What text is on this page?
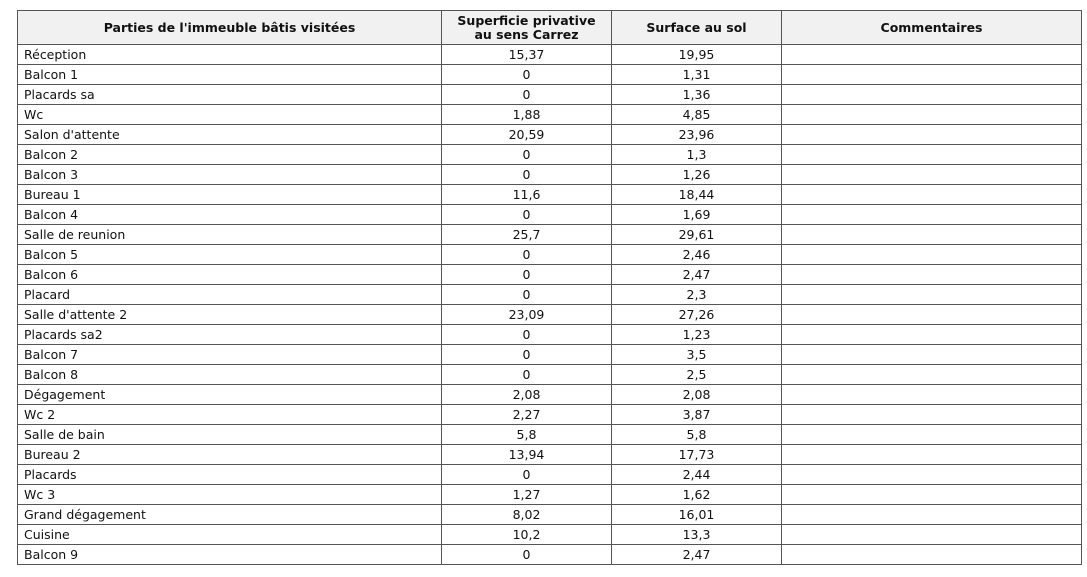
Parties de l'immeuble bâtis visitées	Superficie privative au sens Carrez	Surface au sol	Commentaires
Réception	15,37	19,95	
Balcon 1	0	1,31	
Placards sa	0	1,36	
Wc	1,88	4,85	
Salon d'attente	20,59	23,96	
Balcon 2	0	1,3	
Balcon 3	0	1,26	
Bureau 1	11,6	18,44	
Balcon 4	0	1,69	
Salle de reunion	25,7	29,61	
Balcon 5	0	2,46	
Balcon 6	0	2,47	
Placard	0	2,3	
Salle d'attente 2	23,09	27,26	
Placards sa2	0	1,23	
Balcon 7	0	3,5	
Balcon 8	0	2,5	
Dégagement	2,08	2,08	
Wc 2	2,27	3,87	
Salle de bain	5,8	5,8	
Bureau 2	13,94	17,73	
Placards	0	2,44	
Wc 3	1,27	1,62	
Grand dégagement	8,02	16,01	
Cuisine	10,2	13,3	
Balcon 9	0	2,47	
